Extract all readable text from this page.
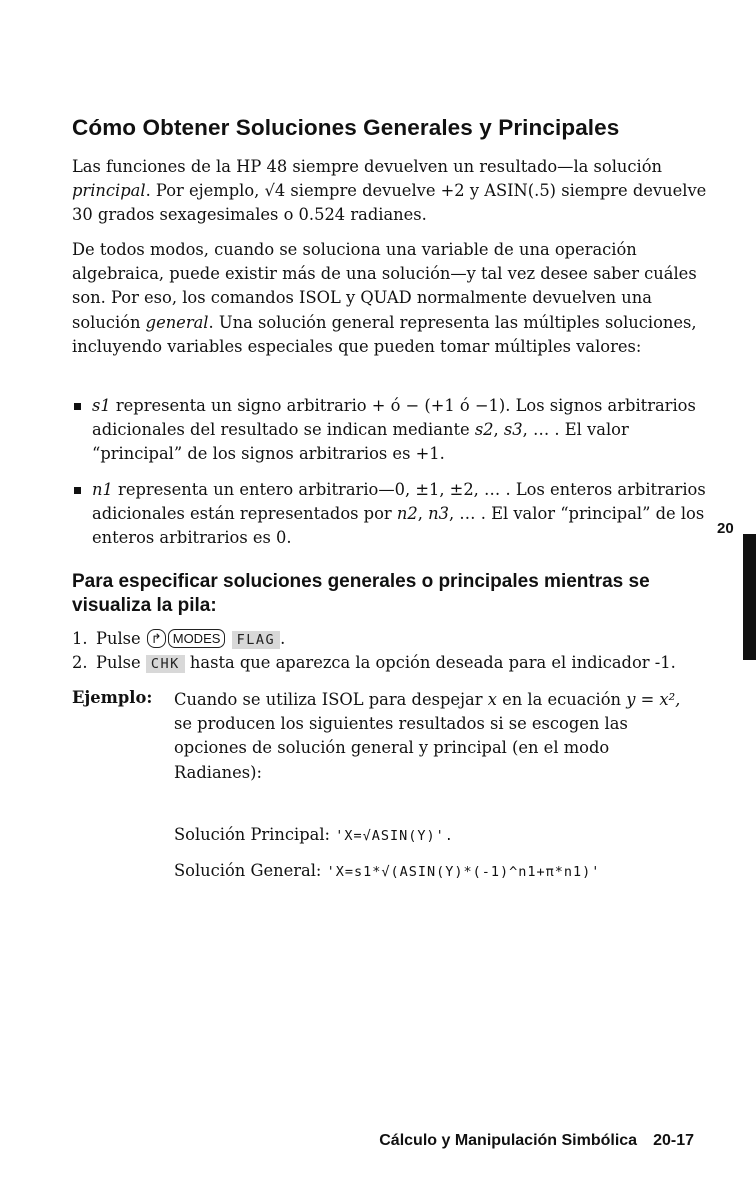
Cómo Obtener Soluciones Generales y Principales
Las funciones de la HP 48 siempre devuelven un resultado—la solución principal. Por ejemplo, √4 siempre devuelve +2 y ASIN(.5) siempre devuelve 30 grados sexagesimales o 0.524 radianes.
De todos modos, cuando se soluciona una variable de una operación algebraica, puede existir más de una solución—y tal vez desee saber cuáles son. Por eso, los comandos ISOL y QUAD normalmente devuelven una solución general. Una solución general representa las múltiples soluciones, incluyendo variables especiales que pueden tomar múltiples valores:
s1 representa un signo arbitrario + ó − (+1 ó −1). Los signos arbitrarios adicionales del resultado se indican mediante s2, s3, … . El valor “principal” de los signos arbitrarios es +1.
n1 representa un entero arbitrario—0, ±1, ±2, … . Los enteros arbitrarios adicionales están representados por n2, n3, … . El valor “principal” de los enteros arbitrarios es 0.
Para especificar soluciones generales o principales mientras se visualiza la pila:
1. Pulse ↱ MODES FLAG .
2. Pulse CHK hasta que aparezca la opción deseada para el indicador -1.
Ejemplo: Cuando se utiliza ISOL para despejar x en la ecuación y = x², se producen los siguientes resultados si se escogen las opciones de solución general y principal (en el modo Radianes):
Solución Principal: 'X=√ASIN(Y)'.
Solución General: 'X=s1*√(ASIN(Y)*(-1)^n1+π*n1)'
20
Cálculo y Manipulación Simbólica 20-17
